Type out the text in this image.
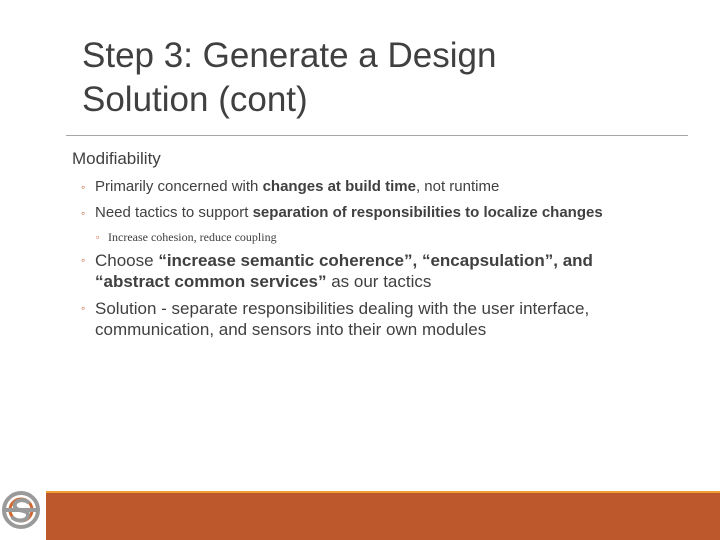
Step 3: Generate a Design
Solution (cont)

Modifiability

◦ Primarily concerned with changes at build time, not runtime
◦ Need tactics to support separation of responsibilities to localize changes
▫ Increase cohesion, reduce coupling
◦ Choose “increase semantic coherence”, “encapsulation”, and “abstract common services” as our tactics
◦ Solution - separate responsibilities dealing with the user interface, communication, and sensors into their own modules
